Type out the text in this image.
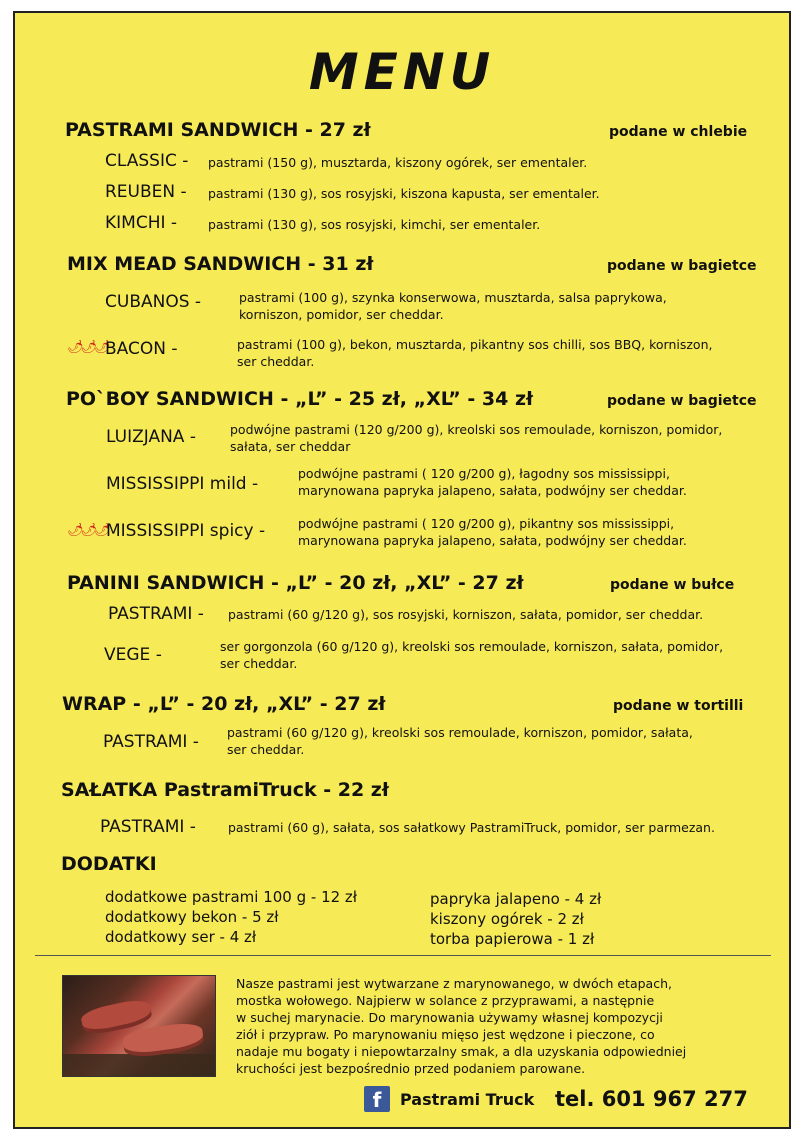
MENU
PASTRAMI SANDWICH - 27 zł	podane w chlebie
CLASSIC - pastrami (150 g), musztarda, kiszony ogórek, ser ementaler.
REUBEN - pastrami (130 g), sos rosyjski, kiszona kapusta, ser ementaler.
KIMCHI - pastrami (130 g), sos rosyjski, kimchi, ser ementaler.
MIX MEAD SANDWICH - 31 zł	podane w bagietce
CUBANOS -	pastrami (100 g), szynka konserwowa, musztarda, salsa paprykowa,
korniszon, pomidor, ser cheddar.
🌶🌶🌶
BACON -	pastrami (100 g), bekon, musztarda, pikantny sos chilli, sos BBQ, korniszon,
ser cheddar.
PO`BOY SANDWICH - „L” - 25 zł, „XL” - 34 zł	podane w bagietce
LUIZJANA -	podwójne pastrami (120 g/200 g), kreolski sos remoulade, korniszon, pomidor,
sałata, ser cheddar
MISSISSIPPI mild -
podwójne pastrami ( 120 g/200 g), łagodny sos mississippi,
marynowana papryka jalapeno, sałata, podwójny ser cheddar.
🌶🌶🌶
MISSISSIPPI spicy -	podwójne pastrami ( 120 g/200 g), pikantny sos mississippi,
marynowana papryka jalapeno, sałata, podwójny ser cheddar.
PANINI SANDWICH - „L” - 20 zł, „XL” - 27 zł	podane w bułce
PASTRAMI - pastrami (60 g/120 g), sos rosyjski, korniszon, sałata, pomidor, ser cheddar.
VEGE -	ser gorgonzola (60 g/120 g), kreolski sos remoulade, korniszon, sałata, pomidor,
ser cheddar.
WRAP - „L” - 20 zł, „XL” - 27 zł	podane w tortilli
PASTRAMI - pastrami (60 g/120 g), kreolski sos remoulade, korniszon, pomidor, sałata,
ser cheddar.
SAŁATKA PastramiTruck - 22 zł
PASTRAMI -	pastrami (60 g), sałata, sos sałatkowy PastramiTruck, pomidor, ser parmezan.
DODATKI
dodatkowe pastrami 100 g - 12 zł
dodatkowy bekon - 5 zł
dodatkowy ser - 4 zł
papryka jalapeno - 4 zł
kiszony ogórek - 2 zł
torba papierowa - 1 zł
Nasze pastrami jest wytwarzane z marynowanego, w dwóch etapach,
mostka wołowego. Najpierw w solance z przyprawami, a następnie
w suchej marynacie. Do marynowania używamy własnej kompozycji
ziół i przypraw. Po marynowaniu mięso jest wędzone i pieczone, co
nadaje mu bogaty i niepowtarzalny smak, a dla uzyskania odpowiedniej
kruchości jest bezpośrednio przed podaniem parowane.
f	Pastrami Truck tel. 601 967 277
